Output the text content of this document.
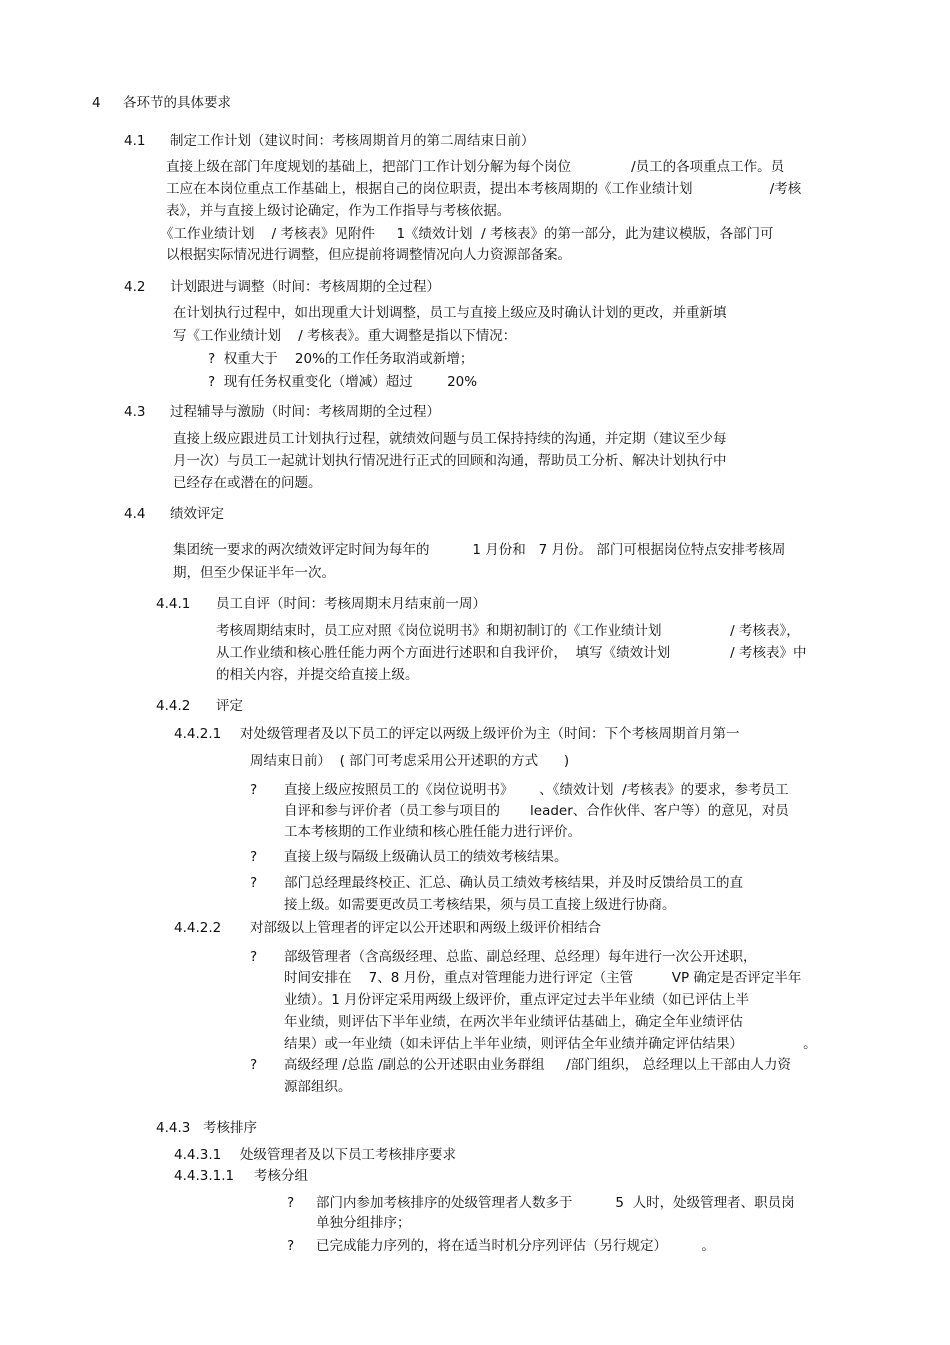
4 各环节的具体要求
4.1 制定工作计划（建议时间：考核周期首月的第二周结束日前）
直接上级在部门年度规划的基础上，把部门工作计划分解为每个岗位              /员工的各项重点工作。员
工应在本岗位重点工作基础上，根据自己的岗位职责，提出本考核周期的《工作业绩计划                  /考核
表》，并与直接上级讨论确定，作为工作指导与考核依据。
《工作业绩计划    / 考核表》见附件     1《绩效计划  / 考核表》的第一部分，此为建议模版，各部门可
以根据实际情况进行调整，但应提前将调整情况向人力资源部备案。
4.2 计划跟进与调整（时间：考核周期的全过程）
在计划执行过程中，如出现重大计划调整，员工与直接上级应及时确认计划的更改，并重新填
写《工作业绩计划    / 考核表》。重大调整是指以下情况：
?  权重大于    20%的工作任务取消或新增；
?  现有任务权重变化（增减）超过        20%
4.3 过程辅导与激励（时间：考核周期的全过程）
直接上级应跟进员工计划执行过程，就绩效问题与员工保持持续的沟通，并定期（建议至少每
月一次）与员工一起就计划执行情况进行正式的回顾和沟通，帮助员工分析、解决计划执行中
已经存在或潜在的问题。
4.4 绩效评定
集团统一要求的两次绩效评定时间为每年的          1 月份和   7 月份。 部门可根据岗位特点安排考核周
期，但至少保证半年一次。
4.4.1 员工自评（时间：考核周期末月结束前一周）
考核周期结束时，员工应对照《岗位说明书》和期初制订的《工作业绩计划                / 考核表》，
从工作业绩和核心胜任能力两个方面进行述职和自我评价，  填写《绩效计划              / 考核表》中
的相关内容，并提交给直接上级。
4.4.2 评定
4.4.2.1 对处级管理者及以下员工的评定以两级上级评价为主（时间：下个考核周期首月第一
周结束日前）  ( 部门可考虑采用公开述职的方式      )
? 直接上级应按照员工的《岗位说明书》      、《绩效计划  /考核表》的要求，参考员工
自评和参与评价者（员工参与项目的       leader、合作伙伴、客户等）的意见，对员
工本考核期的工作业绩和核心胜任能力进行评价。
? 直接上级与隔级上级确认员工的绩效考核结果。
? 部门总经理最终校正、汇总、确认员工绩效考核结果，并及时反馈给员工的直
接上级。如需要更改员工考核结果，须与员工直接上级进行协商。
4.4.2.2 对部级以上管理者的评定以公开述职和两级上级评价相结合
? 部级管理者（含高级经理、总监、副总经理、总经理）每年进行一次公开述职，
时间安排在    7、8 月份，重点对管理能力进行评定（主管         VP 确定是否评定半年
业绩）。1 月份评定采用两级上级评价，重点评定过去半年业绩（如已评估上半
年业绩，则评估下半年业绩，在两次半年业绩评估基础上，确定全年业绩评估
结果）或一年业绩（如未评估上半年业绩，则评估全年业绩并确定评估结果）              。
? 高级经理 /总监 /副总的公开述职由业务群组     /部门组织， 总经理以上干部由人力资
源部组织。
4.4.3 考核排序
4.4.3.1 处级管理者及以下员工考核排序要求
4.4.3.1.1 考核分组
? 部门内参加考核排序的处级管理者人数多于          5  人时，处级管理者、职员岗
单独分组排序；
? 已完成能力序列的，将在适当时机分序列评估（另行规定）        。
